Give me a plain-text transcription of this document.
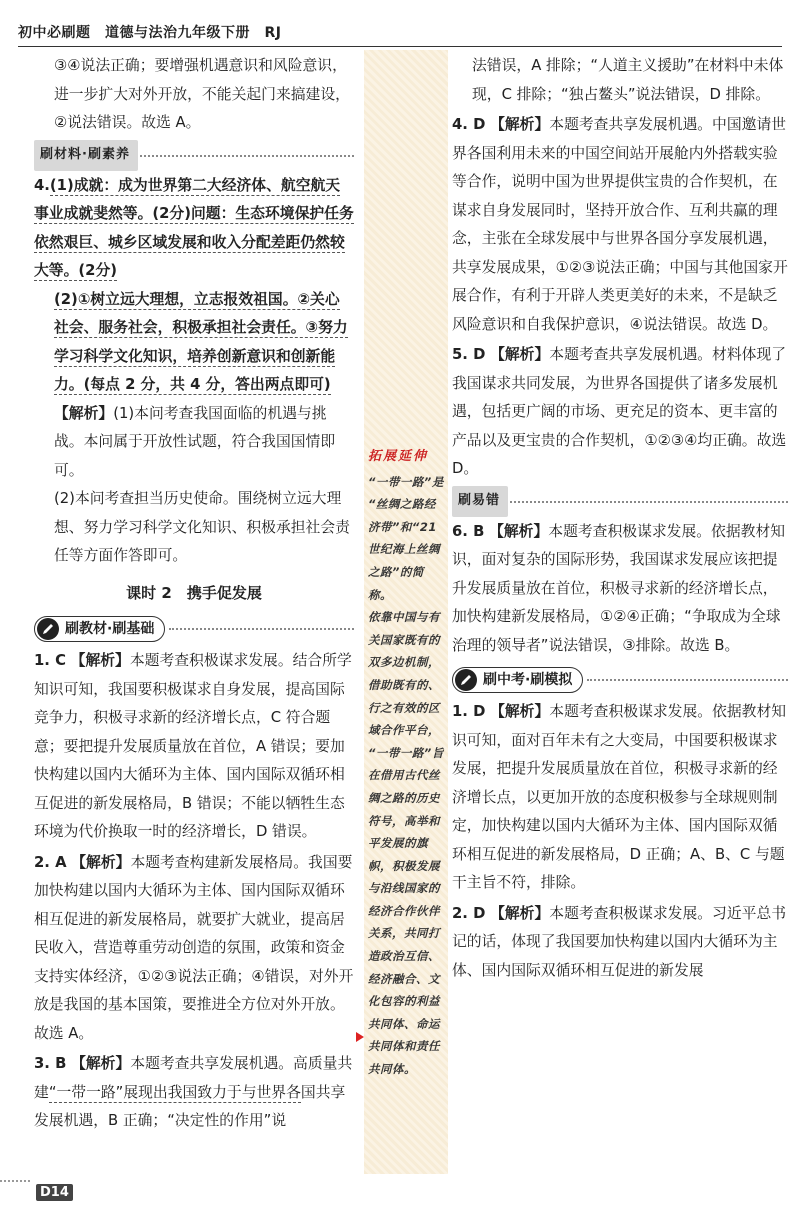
初中必刷题　道德与法治九年级下册　RJ

③④说法正确；要增强机遇意识和风险意识，进一步扩大对外开放，不能关起门来搞建设，②说法错误。故选 A。

刷材料·刷素养

4.(1)成就：成为世界第二大经济体、航空航天事业成就斐然等。(2分)问题：生态环境保护任务依然艰巨、城乡区域发展和收入分配差距仍然较大等。(2分)

(2)①树立远大理想，立志报效祖国。②关心社会、服务社会，积极承担社会责任。③努力学习科学文化知识，培养创新意识和创新能力。(每点 2 分，共 4 分，答出两点即可)

【解析】(1)本问考查我国面临的机遇与挑战。本问属于开放性试题，符合我国国情即可。

(2)本问考查担当历史使命。围绕树立远大理想、努力学习科学文化知识、积极承担社会责任等方面作答即可。

课时 2　携手促发展
刷教材·刷基础

1. C 【解析】本题考查积极谋求发展。结合所学知识可知，我国要积极谋求自身发展，提高国际竞争力，积极寻求新的经济增长点，C 符合题意；要把提升发展质量放在首位，A 错误；要加快构建以国内大循环为主体、国内国际双循环相互促进的新发展格局，B 错误；不能以牺牲生态环境为代价换取一时的经济增长，D 错误。

2. A 【解析】本题考查构建新发展格局。我国要加快构建以国内大循环为主体、国内国际双循环相互促进的新发展格局，就要扩大就业，提高居民收入，营造尊重劳动创造的氛围，政策和资金支持实体经济，①②③说法正确；④错误，对外开放是我国的基本国策，要推进全方位对外开放。故选 A。

3. B 【解析】本题考查共享发展机遇。高质量共建“一带一路”展现出我国致力于与世界各国共享发展机遇，B 正确；“决定性的作用”说

拓展延伸
“一带一路”是
“丝绸之路经
济带”和“21
世纪海上丝绸
之路”的简称。
依靠中国与有
关国家既有的
双多边机制，
借助既有的、
行之有效的区
域合作平台，
“一带一路”旨
在借用古代丝
绸之路的历史
符号，高举和
平发展的旗
帜，积极发展
与沿线国家的
经济合作伙伴
关系，共同打
造政治互信、
经济融合、文
化包容的利益
共同体、命运
共同体和责任
共同体。

法错误，A 排除；“人道主义援助”在材料中未体现，C 排除；“独占鳌头”说法错误，D 排除。

4. D 【解析】本题考查共享发展机遇。中国邀请世界各国利用未来的中国空间站开展舱内外搭载实验等合作，说明中国为世界提供宝贵的合作契机，在谋求自身发展同时，坚持开放合作、互利共赢的理念，主张在全球发展中与世界各国分享发展机遇，共享发展成果，①②③说法正确；中国与其他国家开展合作，有利于开辟人类更美好的未来，不是缺乏风险意识和自我保护意识，④说法错误。故选 D。

5. D 【解析】本题考查共享发展机遇。材料体现了我国谋求共同发展，为世界各国提供了诸多发展机遇，包括更广阔的市场、更充足的资本、更丰富的产品以及更宝贵的合作契机，①②③④均正确。故选 D。

刷易错

6. B 【解析】本题考查积极谋求发展。依据教材知识，面对复杂的国际形势，我国谋求发展应该把提升发展质量放在首位，积极寻求新的经济增长点，加快构建新发展格局，①②④正确；“争取成为全球治理的领导者”说法错误，③排除。故选 B。

刷中考·刷模拟

1. D 【解析】本题考查积极谋求发展。依据教材知识可知，面对百年未有之大变局，中国要积极谋求发展，把提升发展质量放在首位，积极寻求新的经济增长点，以更加开放的态度积极参与全球规则制定，加快构建以国内大循环为主体、国内国际双循环相互促进的新发展格局，D 正确；A、B、C 与题干主旨不符，排除。

2. D 【解析】本题考查积极谋求发展。习近平总书记的话，体现了我国要加快构建以国内大循环为主体、国内国际双循环相互促进的新发展

D14
